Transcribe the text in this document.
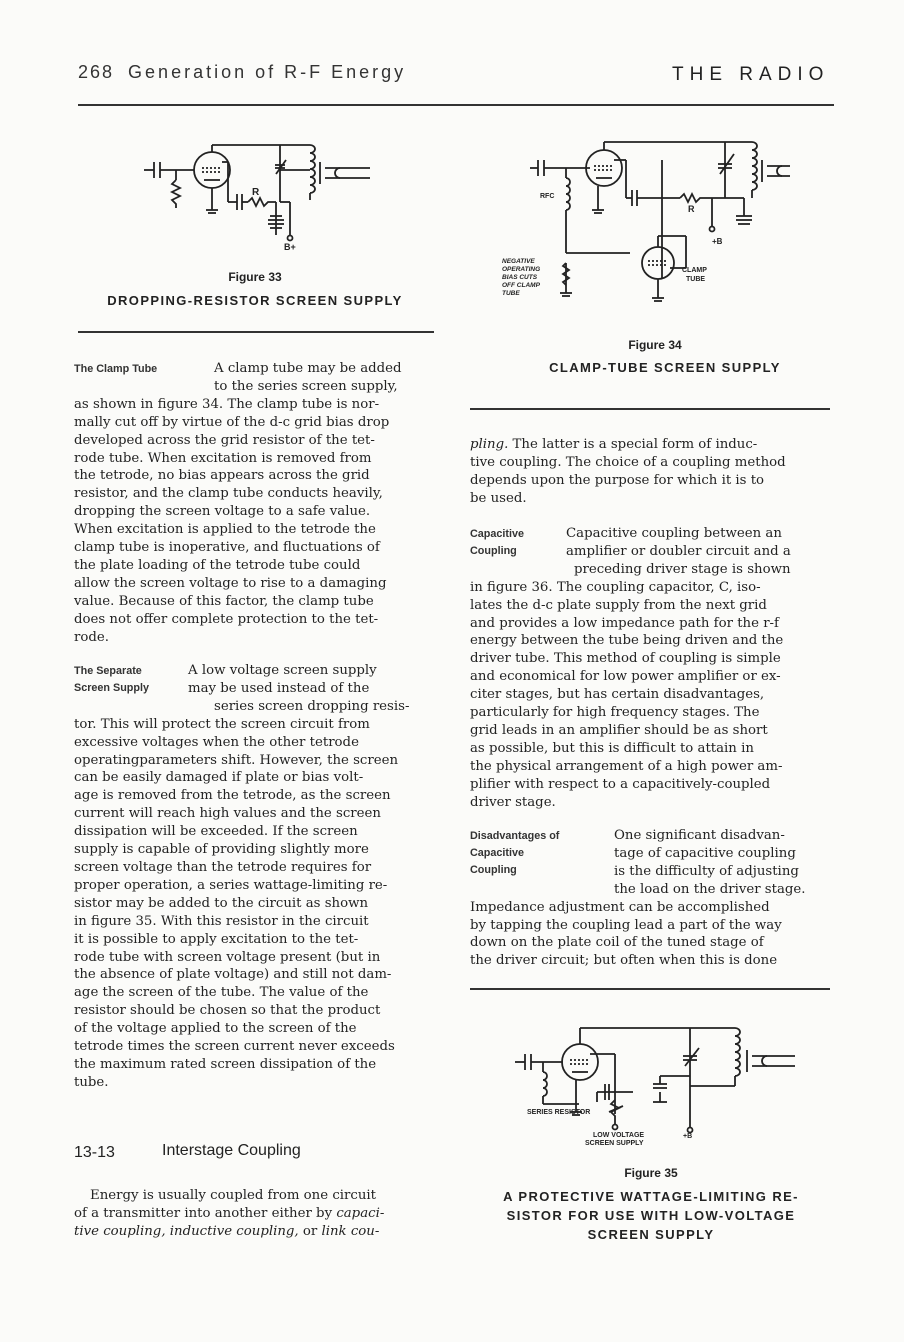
268 Generation of R-F Energy	THE RADIO
R
B+
Figure 33
DROPPING-RESISTOR SCREEN SUPPLY
RFC
R
+B
CLAMP
TUBE
NEGATIVE
OPERATING
BIAS CUTS
OFF CLAMP
TUBE
Figure 34
CLAMP-TUBE SCREEN SUPPLY
The Clamp Tube	A clamp tube may be added
to the series screen supply,
as shown in figure 34. The clamp tube is nor-
mally cut off by virtue of the d-c grid bias drop
developed across the grid resistor of the tet-
rode tube. When excitation is removed from
the tetrode, no bias appears across the grid
resistor, and the clamp tube conducts heavily,
dropping the screen voltage to a safe value.
When excitation is applied to the tetrode the
clamp tube is inoperative, and fluctuations of
the plate loading of the tetrode tube could
allow the screen voltage to rise to a damaging
value. Because of this factor, the clamp tube
does not offer complete protection to the tet-
rode.
The Separate
Screen Supply
A low voltage screen supply
may be used instead of the
series screen dropping resis-
tor. This will protect the screen circuit from
excessive voltages when the other tetrode
operatingparameters shift. However, the screen
can be easily damaged if plate or bias volt-
age is removed from the tetrode, as the screen
current will reach high values and the screen
dissipation will be exceeded. If the screen
supply is capable of providing slightly more
screen voltage than the tetrode requires for
proper operation, a series wattage-limiting re-
sistor may be added to the circuit as shown
in figure 35. With this resistor in the circuit
it is possible to apply excitation to the tet-
rode tube with screen voltage present (but in
the absence of plate voltage) and still not dam-
age the screen of the tube. The value of the
resistor should be chosen so that the product
of the voltage applied to the screen of the
tetrode times the screen current never exceeds
the maximum rated screen dissipation of the
tube.
13-13	Interstage Coupling
Energy is usually coupled from one circuit
of a transmitter into another either by capaci-
tive coupling, inductive coupling, or link cou-
pling. The latter is a special form of induc-
tive coupling. The choice of a coupling method
depends upon the purpose for which it is to
be used.
Capacitive
Coupling
Capacitive coupling between an
amplifier or doubler circuit and a
preceding driver stage is shown
in figure 36. The coupling capacitor, C, iso-
lates the d-c plate supply from the next grid
and provides a low impedance path for the r-f
energy between the tube being driven and the
driver tube. This method of coupling is simple
and economical for low power amplifier or ex-
citer stages, but has certain disadvantages,
particularly for high frequency stages. The
grid leads in an amplifier should be as short
as possible, but this is difficult to attain in
the physical arrangement of a high power am-
plifier with respect to a capacitively-coupled
driver stage.
Disadvantages of
Capacitive
Coupling
One significant disadvan-
tage of capacitive coupling
is the difficulty of adjusting
the load on the driver stage.
Impedance adjustment can be accomplished
by tapping the coupling lead a part of the way
down on the plate coil of the tuned stage of
the driver circuit; but often when this is done
SERIES RESISTOR
LOW VOLTAGE
SCREEN SUPPLY
+B
Figure 35
A PROTECTIVE WATTAGE-LIMITING RE-
SISTOR FOR USE WITH LOW-VOLTAGE
SCREEN SUPPLY
